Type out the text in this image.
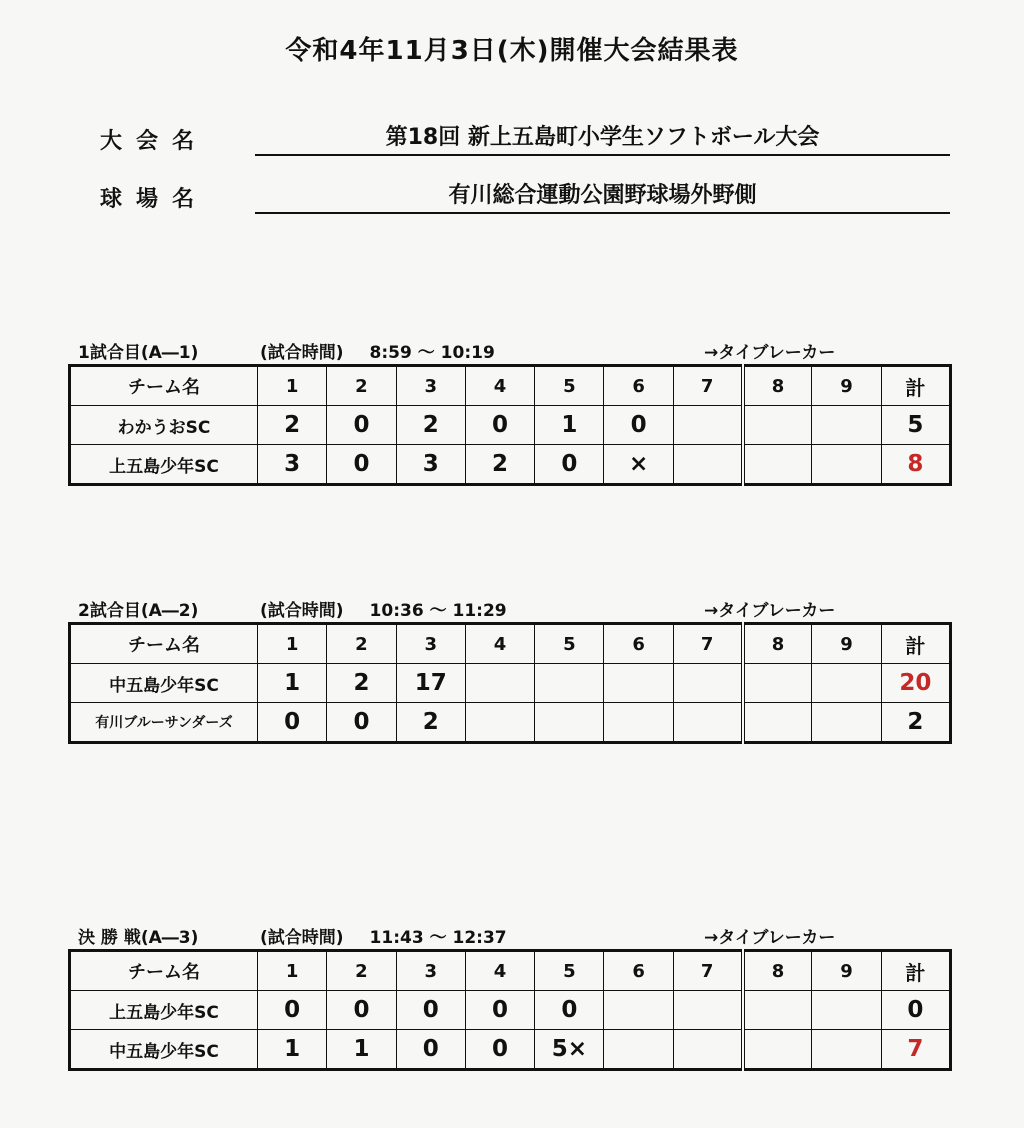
令和4年11月3日(木)開催大会結果表
大会名	第18回 新上五島町小学生ソフトボール大会
球場名	有川総合運動公園野球場外野側
1試合目(A―1)	(試合時間) 8:59 ～ 10:19	→タイブレーカー
チーム名	1	2	3	4	5	6	7	8	9	計
わかうおSC	2	0	2	0	1	0				5
上五島少年SC	3	0	3	2	0	×				8
2試合目(A―2)	(試合時間) 10:36 ～ 11:29	→タイブレーカー
チーム名	1	2	3	4	5	6	7	8	9	計
中五島少年SC	1	2	17							20
有川ブルーサンダーズ	0	0	2							2
決 勝 戦(A―3)	(試合時間) 11:43 ～ 12:37	→タイブレーカー
チーム名	1	2	3	4	5	6	7	8	9	計
上五島少年SC	0	0	0	0	0					0
中五島少年SC	1	1	0	0	5×					7
